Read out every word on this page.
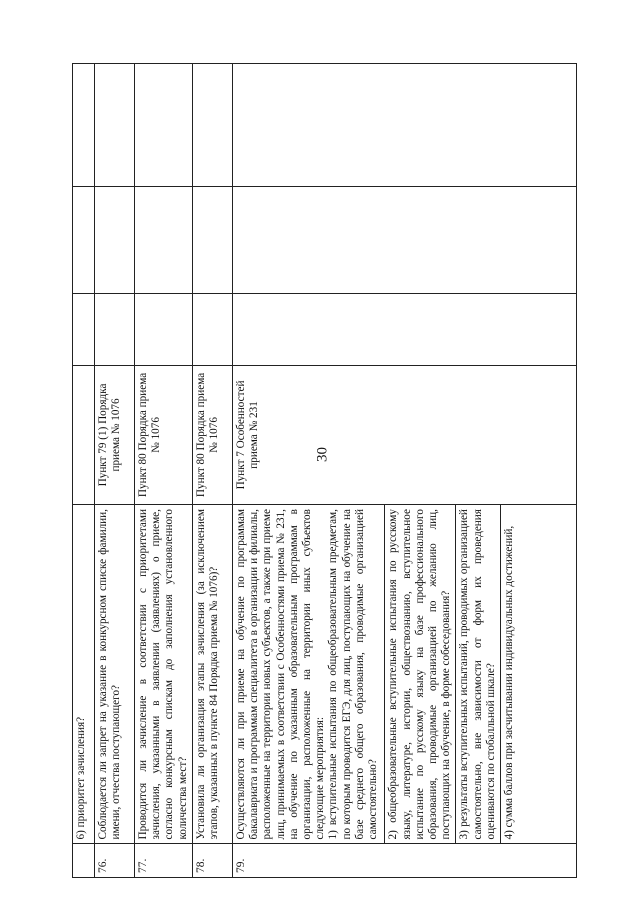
30
	6) приоритет зачисления?				
76.	Соблюдается ли запрет на указание в конкурсном списке фамилии, имени, отчества поступающего?	Пункт 79 (1) Порядка приема № 1076			
77.	Проводится ли зачисление в соответствии с приоритетами зачисления, указанными в заявлении (заявлениях) о приеме, согласно конкурсным спискам до заполнения установленного количества мест?	Пункт 80 Порядка приема № 1076			
78.	Установила ли организация этапы зачисления (за исключением этапов, указанных в пункте 84 Порядка приема № 1076)?	Пункт 80 Порядка приема № 1076			
79.	Осуществляются ли при приеме на обучение по программам бакалавриата и программам специалитета в организации и филиалы, расположенные на территории новых субъектов, а также при приеме лиц, принимаемых в соответствии с Особенностями приема № 231, на обучение по указанным образовательным программам в организации, расположенные на территории иных субъектов следующие мероприятия: 1) вступительные испытания по общеобразовательным предметам, по которым проводится ЕГЭ, для лиц, поступающих на обучение на базе среднего общего образования, проводимые организацией самостоятельно? 2) общеобразовательные вступительные испытания по русскому языку, литературе, истории, обществознанию, вступительное испытание по русскому языку на базе профессионального образования, проводимые организацией по желанию лиц, поступающих на обучение, в форме собеседования? 3) результаты вступительных испытаний, проводимых организацией самостоятельно, вне зависимости от форм их проведения оцениваются по стобалльной шкале? 4) сумма баллов при засчитывании индивидуальных достижений,	Пункт 7 Особенностей приема № 231			
